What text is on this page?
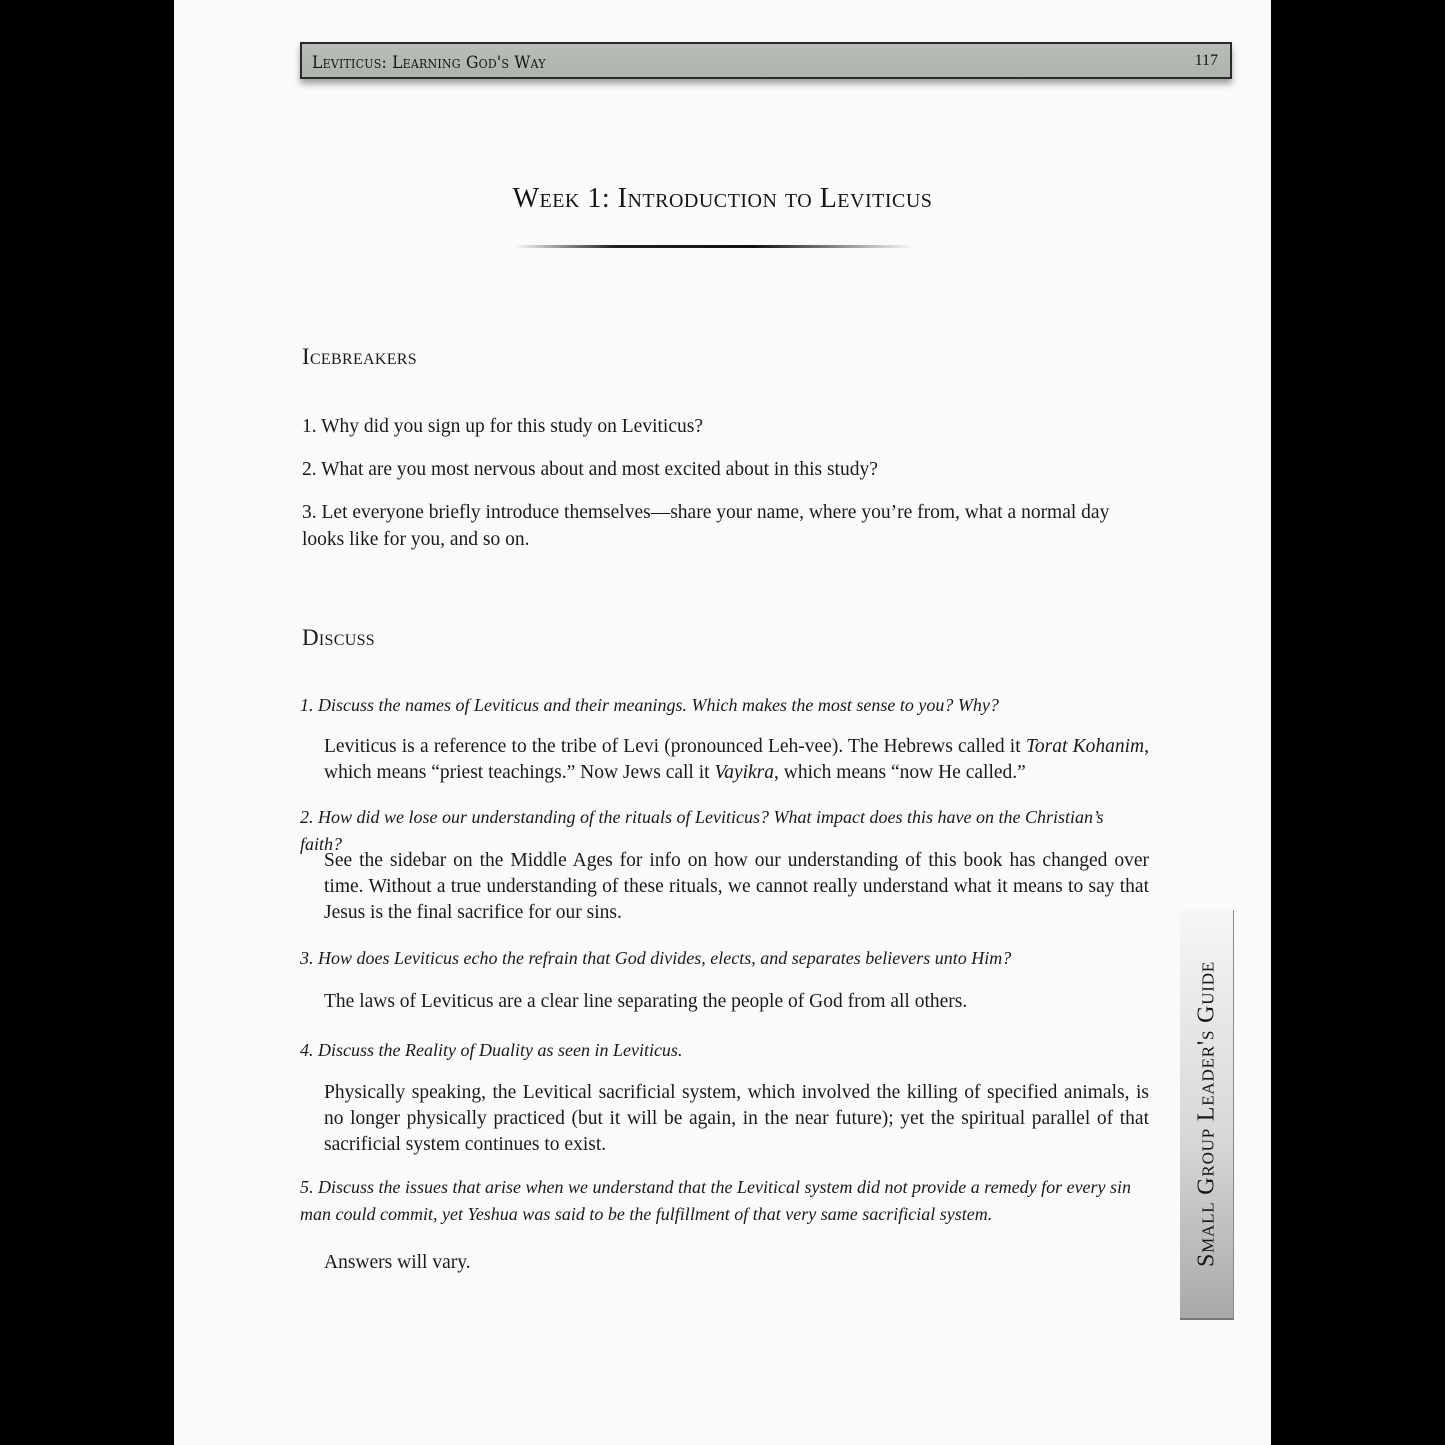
Leviticus: Learning God's Way	117
Week 1: Introduction to Leviticus
Icebreakers
1. Why did you sign up for this study on Leviticus?
2. What are you most nervous about and most excited about in this study?
3. Let everyone briefly introduce themselves—share your name, where you’re from, what a normal day looks like for you, and so on.
Discuss
1. Discuss the names of Leviticus and their meanings. Which makes the most sense to you? Why?
Leviticus is a reference to the tribe of Levi (pronounced Leh-vee). The Hebrews called it Torat Kohanim, which means “priest teachings.” Now Jews call it Vayikra, which means “now He called.”
2. How did we lose our understanding of the rituals of Leviticus? What impact does this have on the Christian’s faith?
See the sidebar on the Middle Ages for info on how our understanding of this book has changed over time. Without a true understanding of these rituals, we cannot really understand what it means to say that Jesus is the final sacrifice for our sins.
3. How does Leviticus echo the refrain that God divides, elects, and separates believers unto Him?
The laws of Leviticus are a clear line separating the people of God from all others.
4. Discuss the Reality of Duality as seen in Leviticus.
Physically speaking, the Levitical sacrificial system, which involved the killing of specified animals, is no longer physically practiced (but it will be again, in the near future); yet the spiritual parallel of that sacrificial system continues to exist.
5. Discuss the issues that arise when we understand that the Levitical system did not provide a remedy for every sin man could commit, yet Yeshua was said to be the fulfillment of that very same sacrificial system.
Answers will vary.	Small Group Leader's Guide
